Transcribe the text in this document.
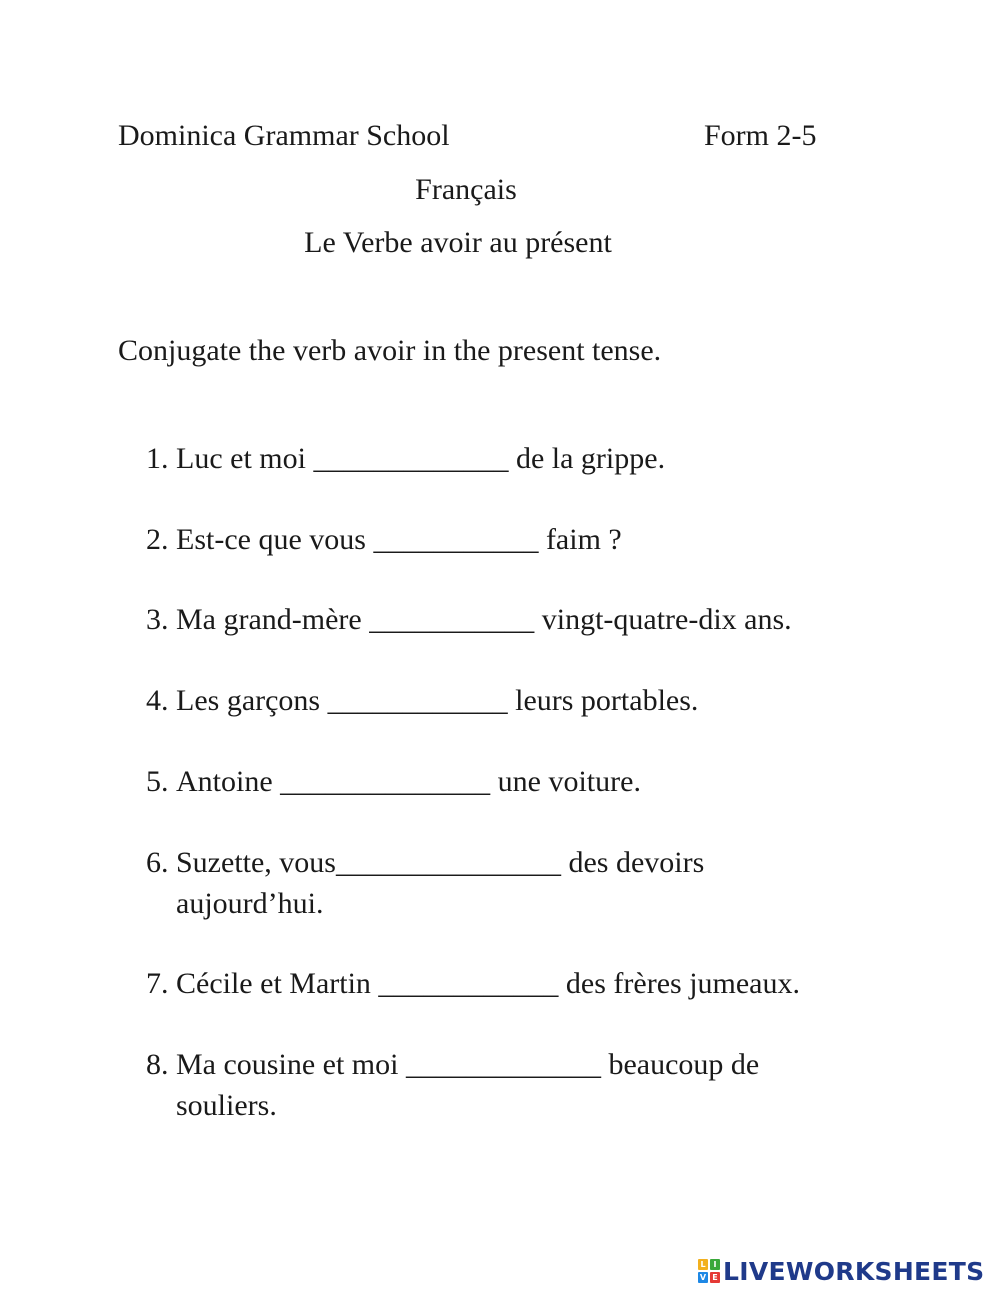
Dominica Grammar School	Form 2-5
Français
Le Verbe avoir au présent
Conjugate the verb avoir in the present tense.
1. Luc et moi _____________ de la grippe.
2. Est-ce que vous ___________ faim ?
3. Ma grand-mère ___________ vingt-quatre-dix ans.
4. Les garçons ____________ leurs portables.
5. Antoine ______________ une voiture.
6. Suzette, vous_______________ des devoirs
aujourd’hui.
7. Cécile et Martin ____________ des frères jumeaux.
8. Ma cousine et moi _____________ beaucoup de
souliers.
L I
V E LIVEWORKSHEETS
